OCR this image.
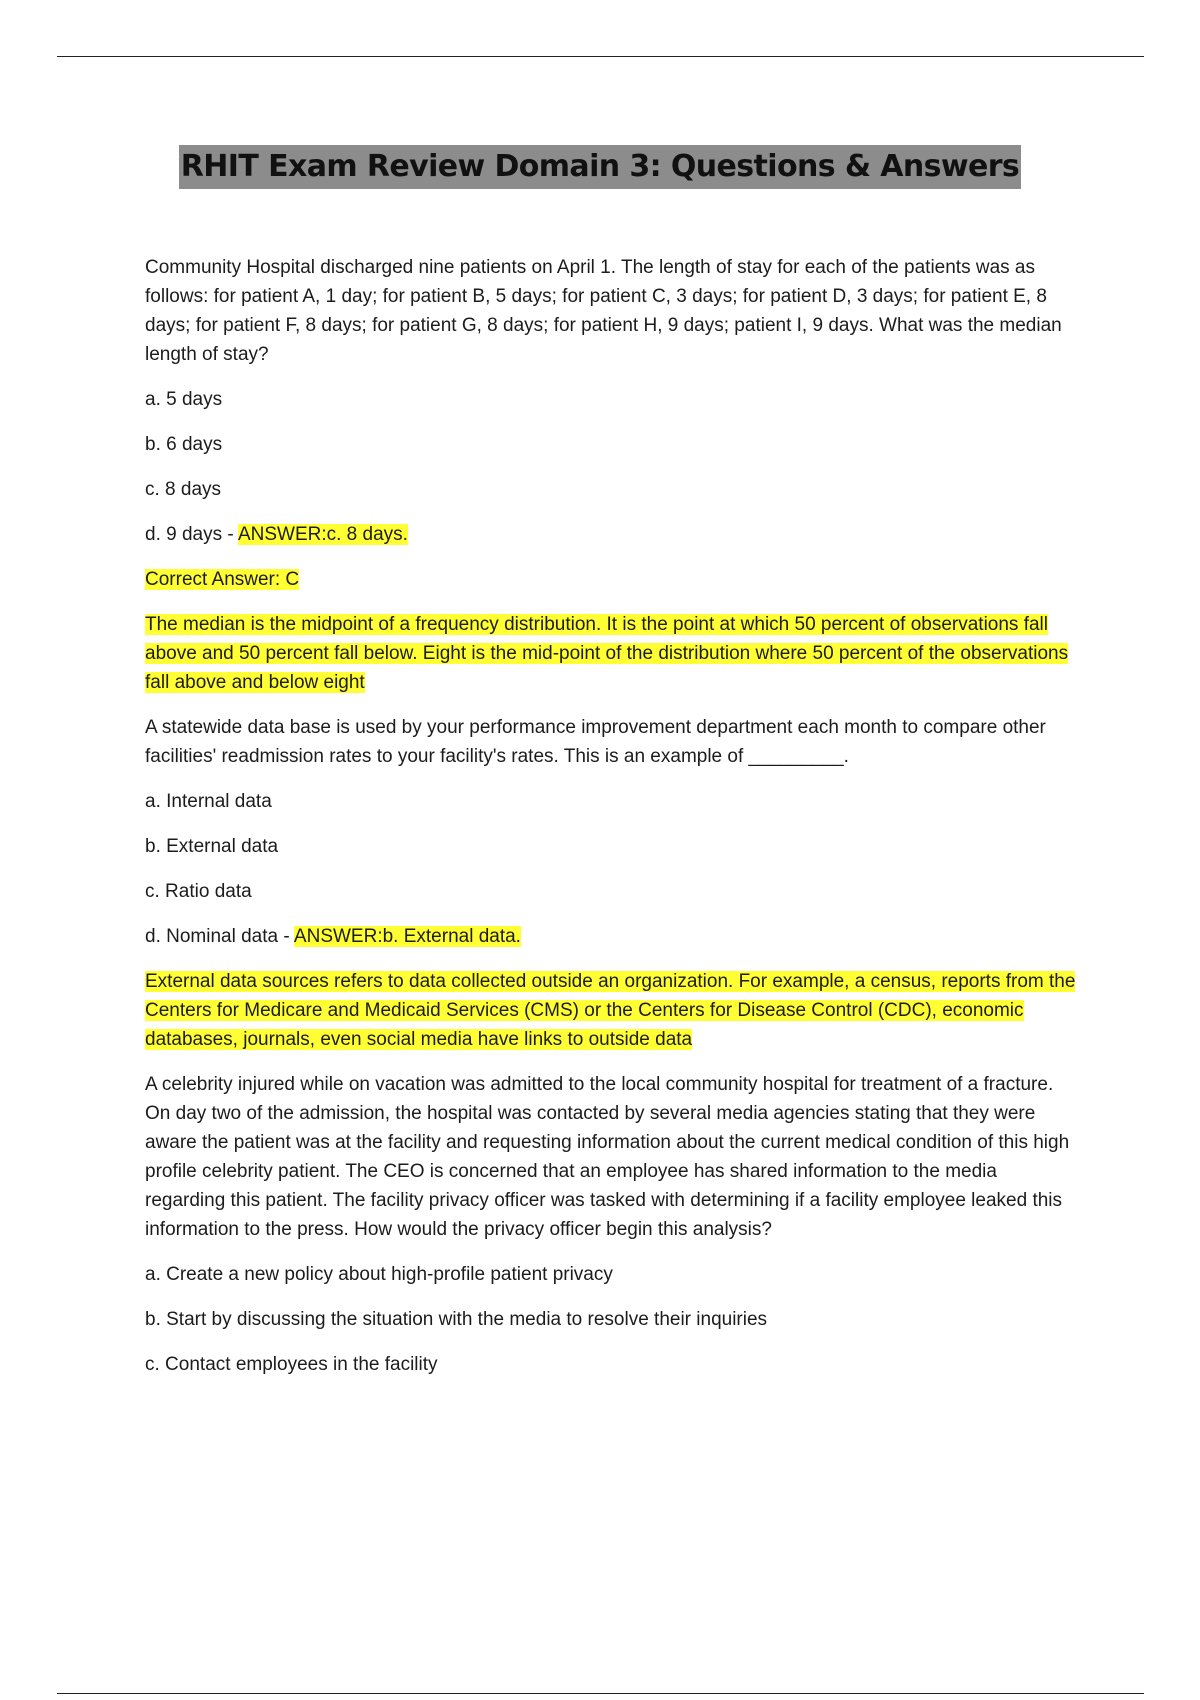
RHIT Exam Review Domain 3: Questions & Answers

Community Hospital discharged nine patients on April 1. The length of stay for each of the patients was as follows: for patient A, 1 day; for patient B, 5 days; for patient C, 3 days; for patient D, 3 days; for patient E, 8 days; for patient F, 8 days; for patient G, 8 days; for patient H, 9 days; patient I, 9 days. What was the median length of stay?

a. 5 days

b. 6 days

c. 8 days

d. 9 days - ANSWER:c. 8 days.

Correct Answer: C

The median is the midpoint of a frequency distribution. It is the point at which 50 percent of observations fall above and 50 percent fall below. Eight is the mid-point of the distribution where 50 percent of the observations fall above and below eight

A statewide data base is used by your performance improvement department each month to compare other facilities' readmission rates to your facility's rates. This is an example of _________.

a. Internal data

b. External data

c. Ratio data

d. Nominal data - ANSWER:b. External data.

External data sources refers to data collected outside an organization. For example, a census, reports from the Centers for Medicare and Medicaid Services (CMS) or the Centers for Disease Control (CDC), economic databases, journals, even social media have links to outside data

A celebrity injured while on vacation was admitted to the local community hospital for treatment of a fracture. On day two of the admission, the hospital was contacted by several media agencies stating that they were aware the patient was at the facility and requesting information about the current medical condition of this high profile celebrity patient. The CEO is concerned that an employee has shared information to the media regarding this patient. The facility privacy officer was tasked with determining if a facility employee leaked this information to the press. How would the privacy officer begin this analysis?

a. Create a new policy about high-profile patient privacy

b. Start by discussing the situation with the media to resolve their inquiries

c. Contact employees in the facility
